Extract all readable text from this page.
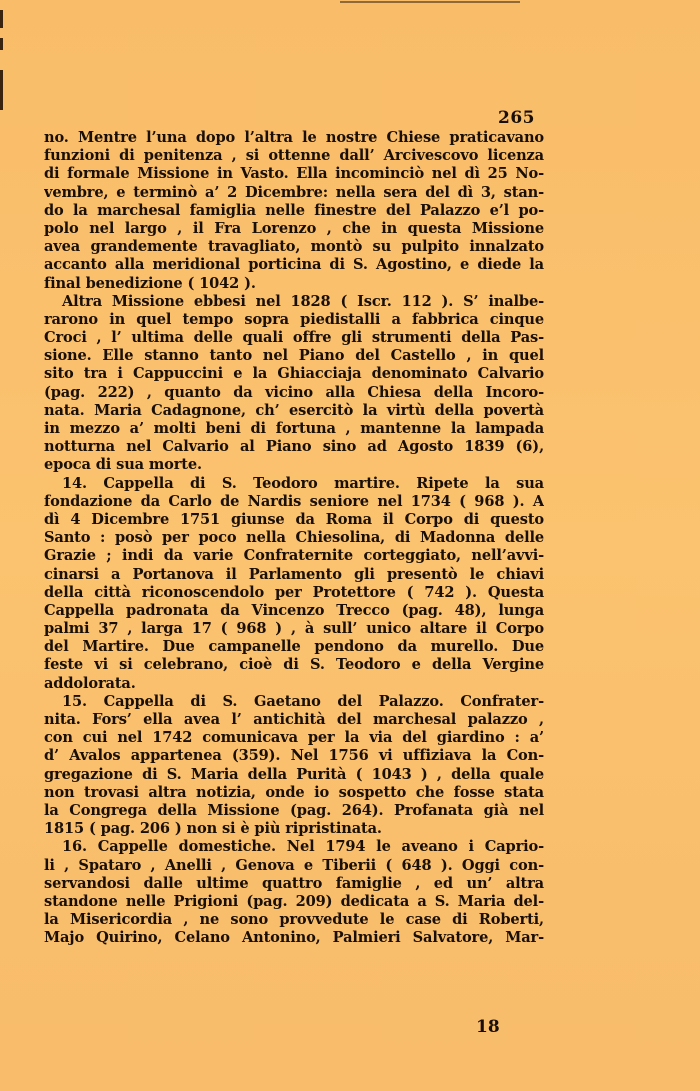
265
no. Mentre l’una dopo l’altra le nostre Chiese praticavano
funzioni di penitenza , si ottenne dall’ Arcivescovo licenza
di formale Missione in Vasto. Ella incominciò nel dì 25 No-
vembre, e terminò a’ 2 Dicembre: nella sera del dì 3, stan-
do la marchesal famiglia nelle finestre del Palazzo e’l po-
polo nel largo , il Fra Lorenzo , che in questa Missione
avea grandemente travagliato, montò su pulpito innalzato
accanto alla meridional porticina di S. Agostino, e diede la
final benedizione ( 1042 ).
Altra Missione ebbesi nel 1828 ( Iscr. 112 ). S’ inalbe-
rarono in quel tempo sopra piedistalli a fabbrica cinque
Croci , l’ ultima delle quali offre gli strumenti della Pas-
sione. Elle stanno tanto nel Piano del Castello , in quel
sito tra i Cappuccini e la Ghiacciaja denominato Calvario
(pag. 222) , quanto da vicino alla Chiesa della Incoro-
nata. Maria Cadagnone, ch’ esercitò la virtù della povertà
in mezzo a’ molti beni di fortuna , mantenne la lampada
notturna nel Calvario al Piano sino ad Agosto 1839 (6),
epoca di sua morte.
14. Cappella di S. Teodoro martire. Ripete la sua
fondazione da Carlo de Nardis seniore nel 1734 ( 968 ). A
dì 4 Dicembre 1751 giunse da Roma il Corpo di questo
Santo : posò per poco nella Chiesolina, di Madonna delle
Grazie ; indi da varie Confraternite corteggiato, nell’avvi-
cinarsi a Portanova il Parlamento gli presentò le chiavi
della città riconoscendolo per Protettore ( 742 ). Questa
Cappella padronata da Vincenzo Trecco (pag. 48), lunga
palmi 37 , larga 17 ( 968 ) , à sull’ unico altare il Corpo
del Martire. Due campanelle pendono da murello. Due
feste vi si celebrano, cioè di S. Teodoro e della Vergine
addolorata.
15. Cappella di S. Gaetano del Palazzo. Confrater-
nita. Fors’ ella avea l’ antichità del marchesal palazzo ,
con cui nel 1742 comunicava per la via del giardino : a’
d’ Avalos appartenea (359). Nel 1756 vi uffiziava la Con-
gregazione di S. Maria della Purità ( 1043 ) , della quale
non trovasi altra notizia, onde io sospetto che fosse stata
la Congrega della Missione (pag. 264). Profanata già nel
1815 ( pag. 206 ) non si è più ripristinata.
16. Cappelle domestiche. Nel 1794 le aveano i Caprio-
li , Spataro , Anelli , Genova e Tiberii ( 648 ). Oggi con-
servandosi dalle ultime quattro famiglie , ed un’ altra
standone nelle Prigioni (pag. 209) dedicata a S. Maria del-
la Misericordia , ne sono provvedute le case di Roberti,
Majo Quirino, Celano Antonino, Palmieri Salvatore, Mar-
18
